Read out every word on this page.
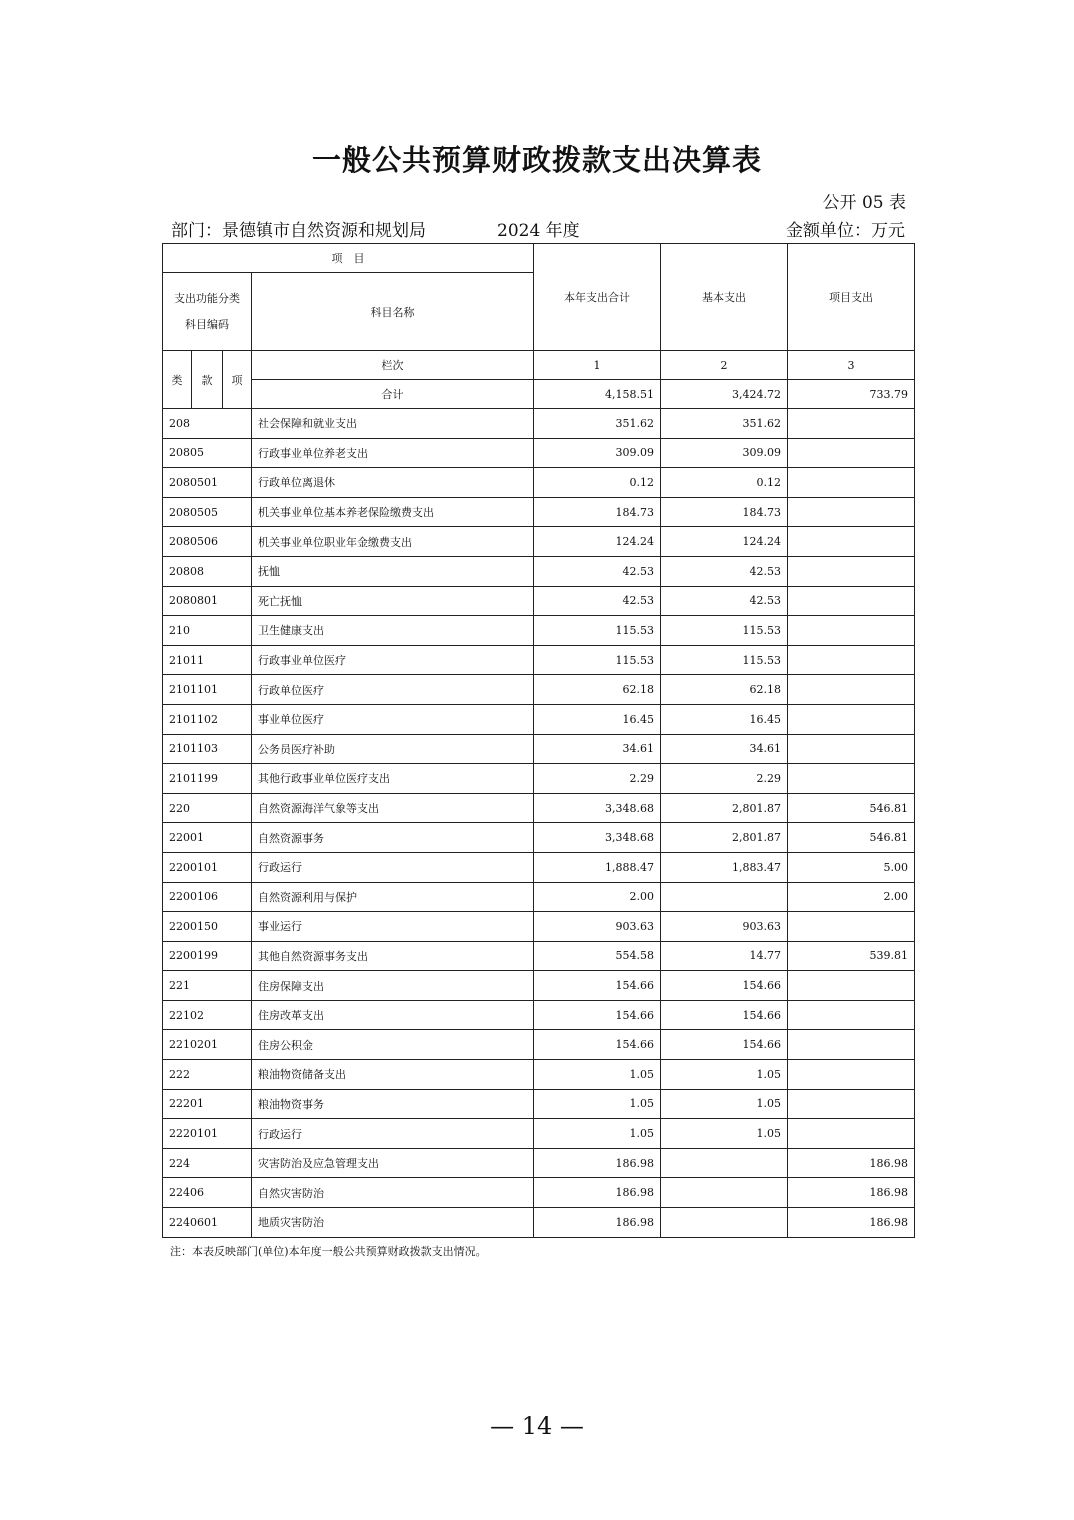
一般公共预算财政拨款支出决算表
公开 05 表
部门：景德镇市自然资源和规划局	2024 年度	金额单位：万元
项　目				本年支出合计	基本支出	项目支出
支出功能分类科目编码			科目名称			
类	款	项	栏次	1	2	3
			合计	4,158.51	3,424.72	733.79
208			社会保障和就业支出	351.62	351.62	
20805			行政事业单位养老支出	309.09	309.09	
2080501			行政单位离退休	0.12	0.12	
2080505			机关事业单位基本养老保险缴费支出	184.73	184.73	
2080506			机关事业单位职业年金缴费支出	124.24	124.24	
20808			抚恤	42.53	42.53	
2080801			死亡抚恤	42.53	42.53	
210			卫生健康支出	115.53	115.53	
21011			行政事业单位医疗	115.53	115.53	
2101101			行政单位医疗	62.18	62.18	
2101102			事业单位医疗	16.45	16.45	
2101103			公务员医疗补助	34.61	34.61	
2101199			其他行政事业单位医疗支出	2.29	2.29	
220			自然资源海洋气象等支出	3,348.68	2,801.87	546.81
22001			自然资源事务	3,348.68	2,801.87	546.81
2200101			行政运行	1,888.47	1,883.47	5.00
2200106			自然资源利用与保护	2.00		2.00
2200150			事业运行	903.63	903.63	
2200199			其他自然资源事务支出	554.58	14.77	539.81
221			住房保障支出	154.66	154.66	
22102			住房改革支出	154.66	154.66	
2210201			住房公积金	154.66	154.66	
222			粮油物资储备支出	1.05	1.05	
22201			粮油物资事务	1.05	1.05	
2220101			行政运行	1.05	1.05	
224			灾害防治及应急管理支出	186.98		186.98
22406			自然灾害防治	186.98		186.98
2240601			地质灾害防治	186.98		186.98
注：本表反映部门(单位)本年度一般公共预算财政拨款支出情况。
— 14 —
